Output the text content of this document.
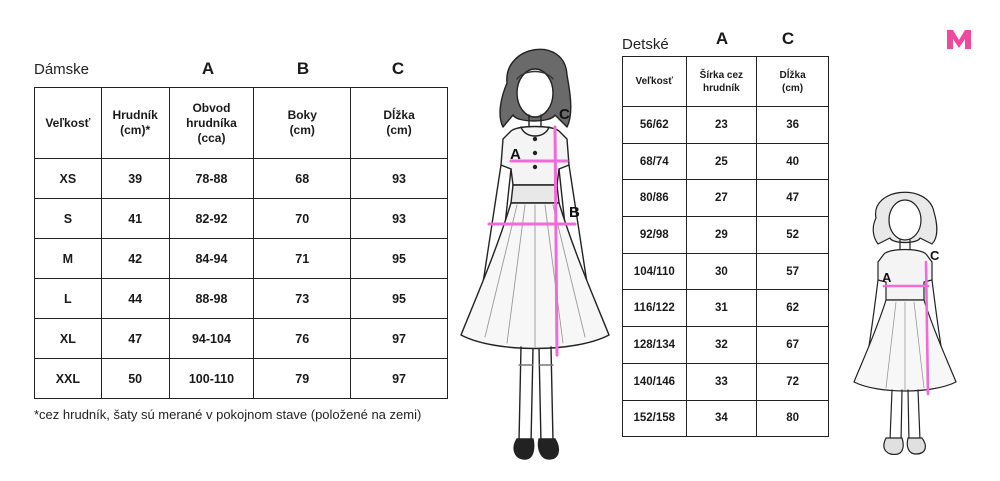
Dámske	A	B	C
Veľkosť	Hrudník (cm)*	Obvod hrudníka (cca)	Boky (cm)	Dĺžka (cm)
XS	39	78-88	68	93
S	41	82-92	70	93
M	42	84-94	71	95
L	44	88-98	73	95
XL	47	94-104	76	97
XXL	50	100-110	79	97
*cez hrudník, šaty sú merané v pokojnom stave (položené na zemi)
A
B
C
Detské	A	C
Veľkosť	Šírka cez hrudník	Dĺžka (cm)
56/62	23	36
68/74	25	40
80/86	27	47
92/98	29	52
104/110	30	57
116/122	31	62
128/134	32	67
140/146	33	72
152/158	34	80
A
C
